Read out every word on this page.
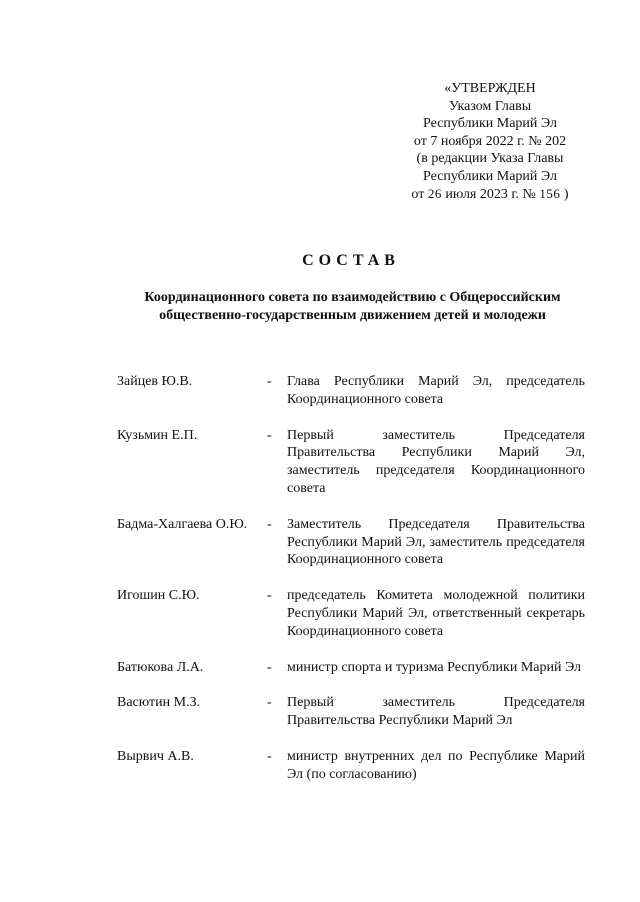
«УТВЕРЖДЕН
Указом Главы
Республики Марий Эл
от 7 ноября 2022 г. № 202
(в редакции Указа Главы
Республики Марий Эл
от 26 июля 2023 г. № 156 )
СОСТАВ
Координационного совета по взаимодействию с Общероссийским
общественно-государственным движением детей и молодежи
Зайцев Ю.В.	-	Глава Республики Марий Эл, председатель Координационного совета
Кузьмин Е.П.	-	Первый заместитель Председателя Правительства Республики Марий Эл, заместитель председателя Координационного совета
Бадма-Халгаева О.Ю.	-	Заместитель Председателя Правительства Республики Марий Эл, заместитель председателя Координационного совета
Игошин С.Ю.	-	председатель Комитета молодежной политики Республики Марий Эл, ответственный секретарь Координационного совета
Батюкова Л.А.	-	министр спорта и туризма Республики Марий Эл
Васютин М.З.	-	Первый заместитель Председателя Правительства Республики Марий Эл
Вырвич А.В.	-	министр внутренних дел по Республике Марий Эл (по согласованию)
